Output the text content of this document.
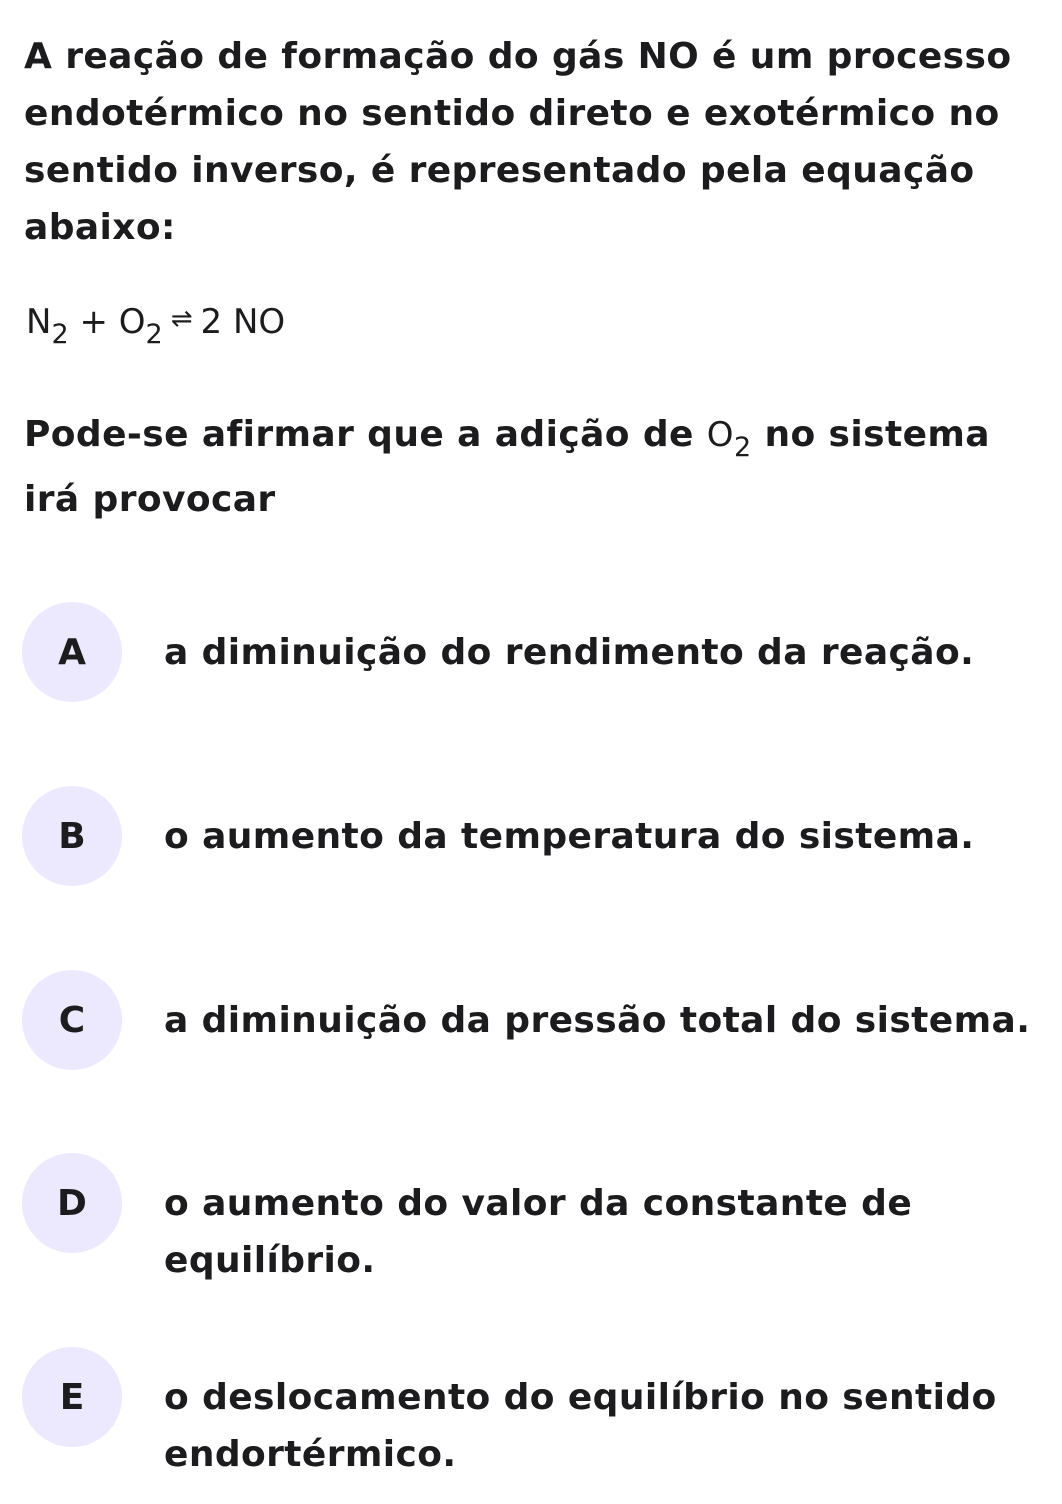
A reação de formação do gás NO é um processo endotérmico no sentido direto e exotérmico no sentido inverso, é representado pela equação abaixo:

$N_2 + O_2$ ⇌ 2 NO

Pode-se afirmar que a adição de $O_2$ no sistema irá provocar

A	a diminuição do rendimento da reação.
B	o aumento da temperatura do sistema.
C	a diminuição da pressão total do sistema.
D	o aumento do valor da constante de equilíbrio.
E	o deslocamento do equilíbrio no sentido endortérmico.
